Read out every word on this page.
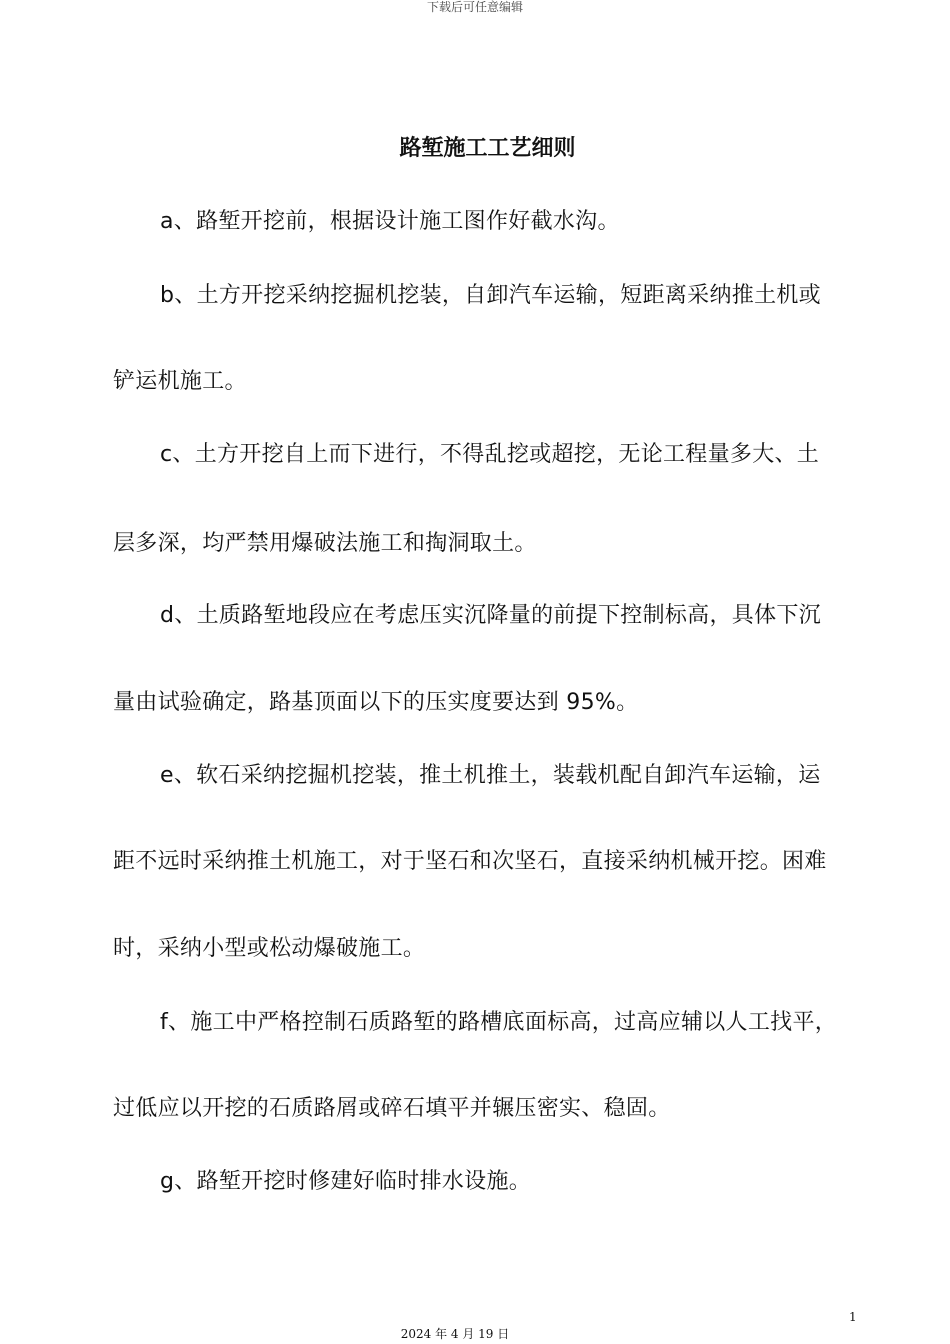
下载后可任意编辑
路堑施工工艺细则
a、路堑开挖前，根据设计施工图作好截水沟。
b、土方开挖采纳挖掘机挖装，自卸汽车运输，短距离采纳推土机或
铲运机施工。
c、土方开挖自上而下进行，不得乱挖或超挖，无论工程量多大、土
层多深，均严禁用爆破法施工和掏洞取土。
d、土质路堑地段应在考虑压实沉降量的前提下控制标高，具体下沉
量由试验确定，路基顶面以下的压实度要达到 95%。
e、软石采纳挖掘机挖装，推土机推土，装载机配自卸汽车运输，运
距不远时采纳推土机施工，对于坚石和次坚石，直接采纳机械开挖。困难
时，采纳小型或松动爆破施工。
f、施工中严格控制石质路堑的路槽底面标高，过高应辅以人工找平，
过低应以开挖的石质路屑或碎石填平并辗压密实、稳固。
g、路堑开挖时修建好临时排水设施。
1
2024 年 4 月 19 日
